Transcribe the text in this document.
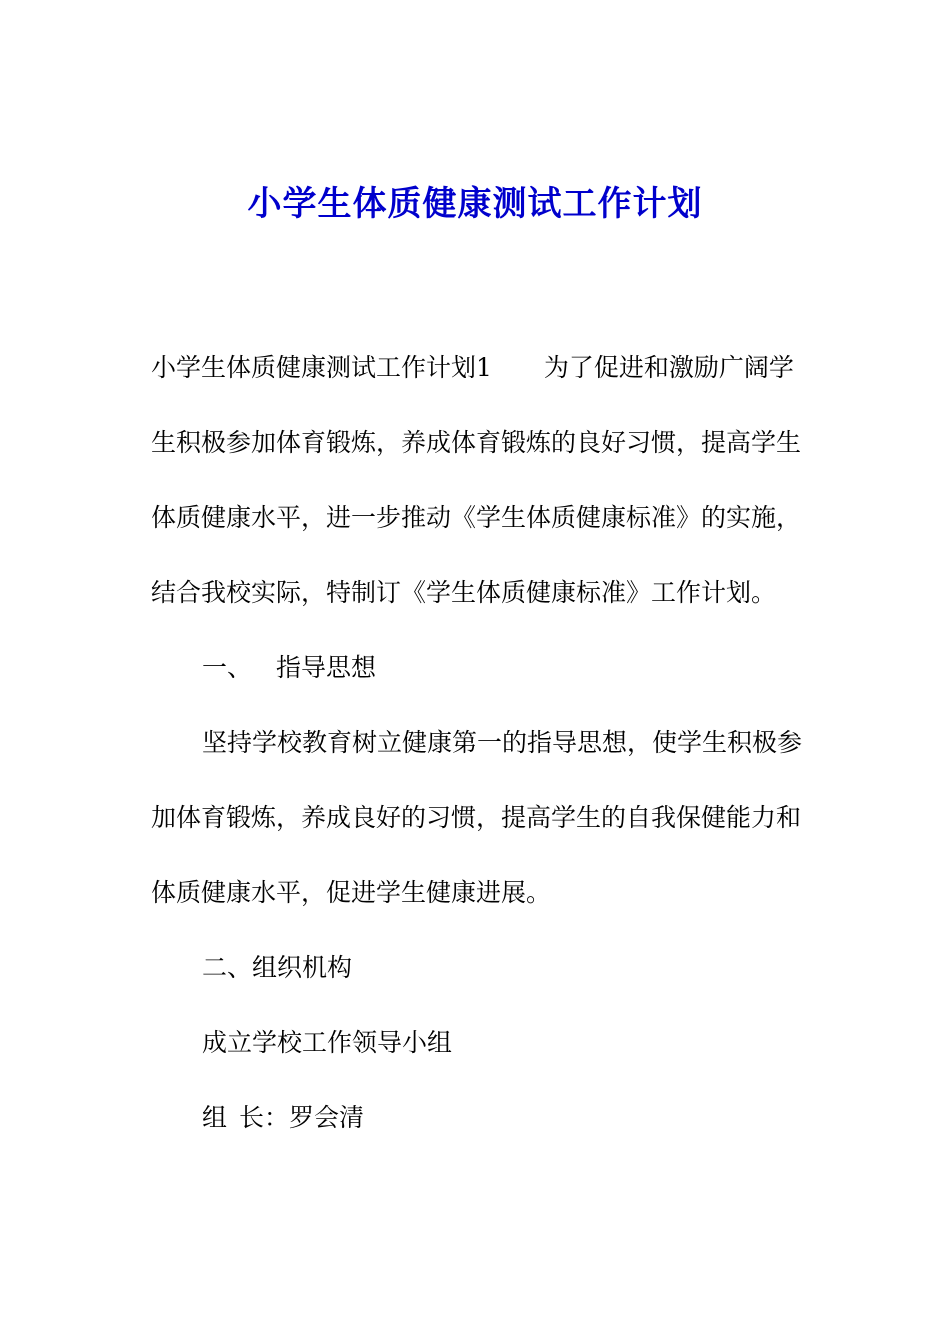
小学生体质健康测试工作计划

小学生体质健康测试工作计划1 为了促进和激励广阔学生积极参加体育锻炼，养成体育锻炼的良好习惯，提高学生体质健康水平，进一步推动《学生体质健康标准》的实施，结合我校实际，特制订《学生体质健康标准》工作计划。

一、 指导思想

坚持学校教育树立健康第一的指导思想，使学生积极参加体育锻炼，养成良好的习惯，提高学生的自我保健能力和体质健康水平，促进学生健康进展。

二、组织机构

成立学校工作领导小组

组 长：罗会清
